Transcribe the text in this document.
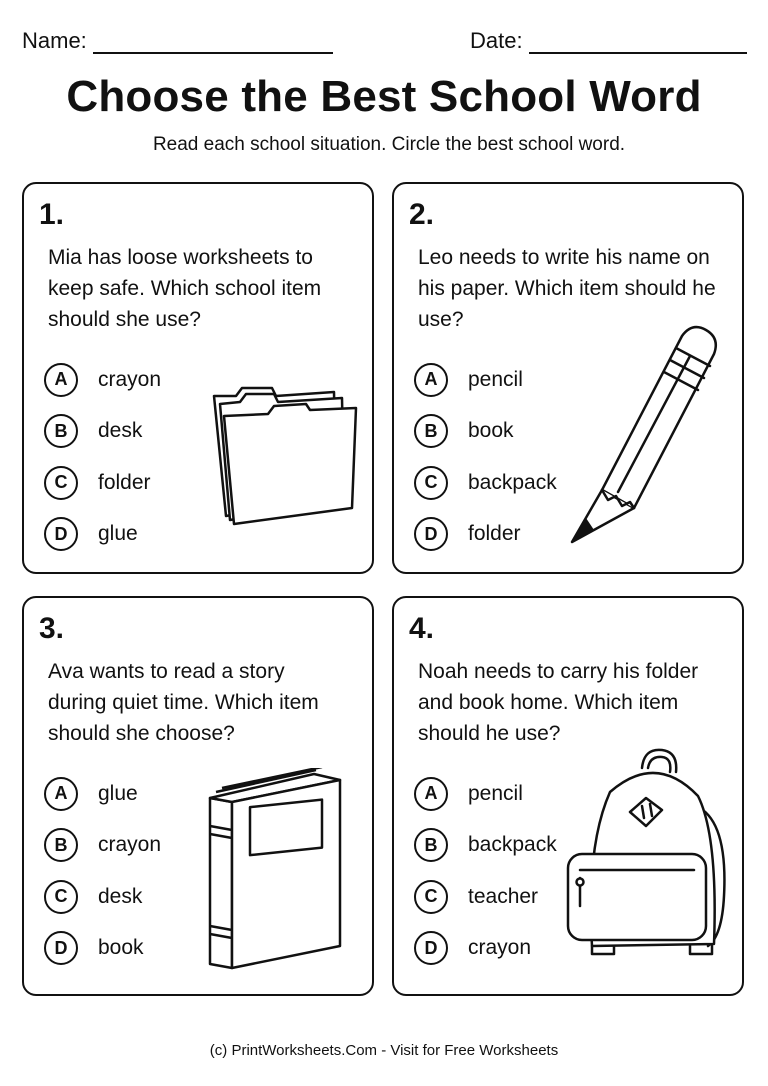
Name:	Date:
Choose the Best School Word
Read each school situation. Circle the best school word.
1.
Mia has loose worksheets to keep safe. Which school item should she use?
A	crayon
B	desk
C	folder
D	glue
2.
Leo needs to write his name on his paper. Which item should he use?
A	pencil
B	book
C	backpack
D	folder
3.
Ava wants to read a story during quiet time. Which item should she choose?
A	glue
B	crayon
C	desk
D	book
4.
Noah needs to carry his folder and book home. Which item should he use?
A	pencil
B	backpack
C	teacher
D	crayon
(c) PrintWorksheets.Com - Visit for Free Worksheets
